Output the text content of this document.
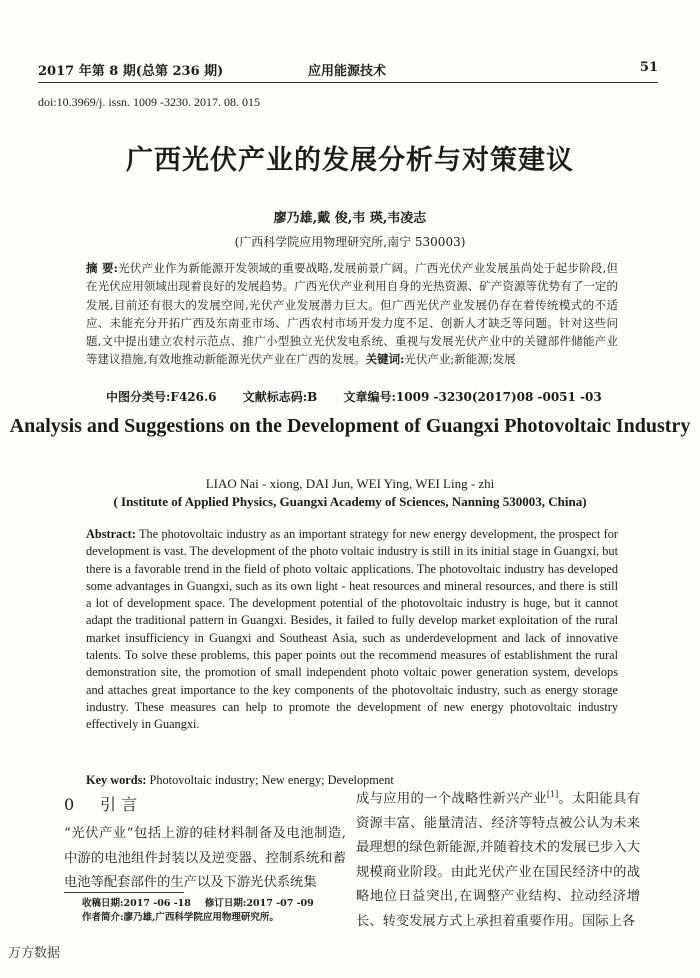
2017 年第 8 期(总第 236 期)	应用能源技术	51
doi:10.3969/j. issn. 1009 -3230. 2017. 08. 015
广西光伏产业的发展分析与对策建议
廖乃雄,戴 俊,韦 瑛,韦凌志
(广西科学院应用物理研究所,南宁 530003)
摘 要:光伏产业作为新能源开发领域的重要战略,发展前景广阔。广西光伏产业发展虽尚处于起步阶段,但在光伏应用领域出现着良好的发展趋势。广西光伏产业利用自身的光热资源、矿产资源等优势有了一定的发展,目前还有很大的发展空间,光伏产业发展潜力巨大。但广西光伏产业发展仍存在着传统模式的不适应、未能充分开拓广西及东南亚市场、广西农村市场开发力度不足、创新人才缺乏等问题。针对这些问题,文中提出建立农村示范点、推广小型独立光伏发电系统、重视与发展光伏产业中的关键部件储能产业等建议措施,有效地推动新能源光伏产业在广西的发展。关键词:光伏产业;新能源;发展
中图分类号:F426.6 文献标志码:B 文章编号:1009 -3230(2017)08 -0051 -03
Analysis and Suggestions on the Development of Guangxi Photovoltaic Industry
LIAO Nai - xiong, DAI Jun, WEI Ying, WEI Ling - zhi
( Institute of Applied Physics, Guangxi Academy of Sciences, Nanning 530003, China)
Abstract: The photovoltaic industry as an important strategy for new energy development, the prospect for development is vast. The development of the photo voltaic industry is still in its initial stage in Guangxi, but there is a favorable trend in the field of photo voltaic applications. The photovoltaic industry has developed some advantages in Guangxi, such as its own light - heat resources and mineral resources, and there is still a lot of development space. The development potential of the photovoltaic industry is huge, but it cannot adapt the traditional pattern in Guangxi. Besides, it failed to fully develop market exploitation of the rural market insufficiency in Guangxi and Southeast Asia, such as underdevelopment and lack of innovative talents. To solve these problems, this paper points out the recommend measures of establishment the rural demonstration site, the promotion of small independent photo voltaic power generation system, develops and attaches great importance to the key components of the photovoltaic industry, such as energy storage industry. These measures can help to promote the development of new energy photovoltaic industry effectively in Guangxi.
Key words: Photovoltaic industry; New energy; Development
0 引 言
“光伏产业”包括上游的硅材料制备及电池制造,中游的电池组件封装以及逆变器、控制系统和蓄电池等配套部件的生产以及下游光伏系统集
成与应用的一个战略性新兴产业[1]。太阳能具有资源丰富、能量清洁、经济等特点被公认为未来最理想的绿色新能源,并随着技术的发展已步入大规模商业阶段。由此光伏产业在国民经济中的战略地位日益突出,在调整产业结构、拉动经济增长、转变发展方式上承担着重要作用。国际上各
收稿日期:2017 -06 -18 修订日期:2017 -07 -09
作者简介:廖乃雄,广西科学院应用物理研究所。
万方数据
